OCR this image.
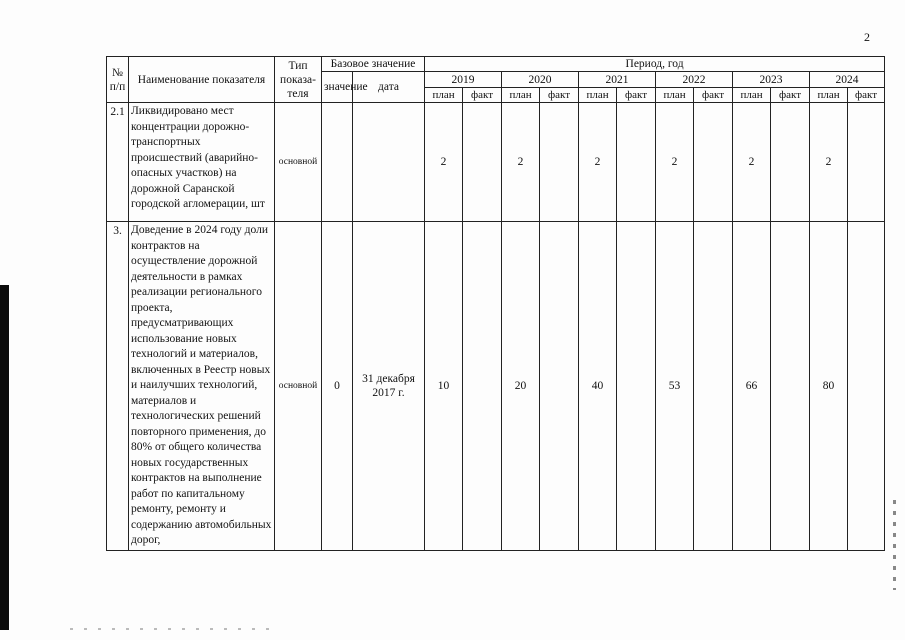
2
№ п/п	Наименование показателя	Тип показа-теля	Базовое значение		Период, год											
			значение	дата	2019		2020		2021		2022		2023		2024	
					план	факт	план	факт	план	факт	план	факт	план	факт	план	факт
2.1	Ликвидировано мест концентрации дорожно-транспортных происшествий (аварийно-опасных участков) на дорожной Саранской городской агломерации, шт	основной			2		2		2		2		2		2	
3.	Доведение в 2024 году доли контрактов на осуществление дорожной деятельности в рамках реализации регионального проекта, предусматривающих использование новых технологий и материалов, включенных в Реестр новых и наилучших технологий, материалов и технологических решений повторного применения, до 80% от общего количества новых государственных контрактов на выполнение работ по капитальному ремонту, ремонту и содержанию автомобильных дорог,	основной	0	31 декабря 2017 г.	10		20		40		53		66		80	
